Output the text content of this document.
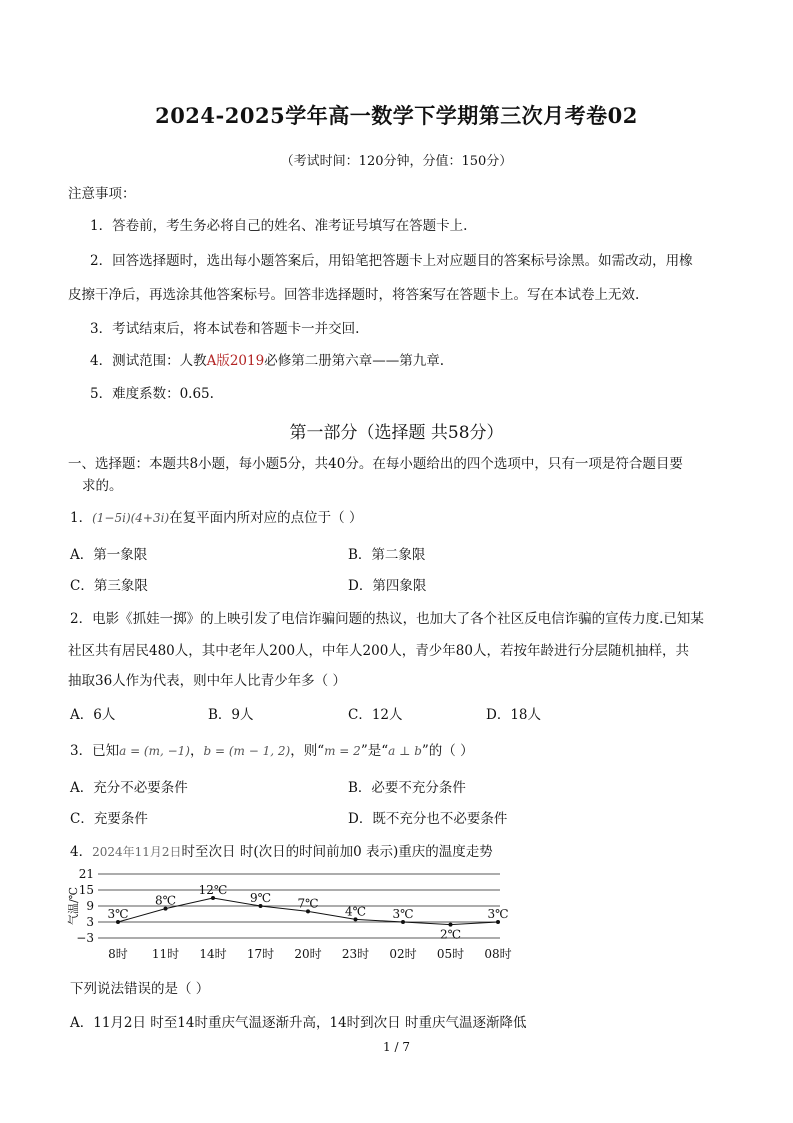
2024-2025学年高一数学下学期第三次月考卷02
（考试时间：120分钟，分值：150分）
注意事项：
1．答卷前，考生务必将自己的姓名、准考证号填写在答题卡上.
2．回答选择题时，选出每小题答案后，用铅笔把答题卡上对应题目的答案标号涂黑。如需改动，用橡
皮擦干净后，再选涂其他答案标号。回答非选择题时，将答案写在答题卡上。写在本试卷上无效.
3．考试结束后，将本试卷和答题卡一并交回.
4．测试范围：人教A版2019必修第二册第六章——第九章.
5．难度系数：0.65.
第一部分（选择题 共58分）
一、选择题：本题共8小题，每小题5分，共40分。在每小题给出的四个选项中，只有一项是符合题目要
求的。
1．(1−5i)(4+3i)在复平面内所对应的点位于（ ）
A．第一象限	B．第二象限
C．第三象限	D．第四象限
2．电影《抓娃一掷》的上映引发了电信诈骗问题的热议，也加大了各个社区反电信诈骗的宣传力度.已知某
社区共有居民480人，其中老年人200人，中年人200人，青少年80人，若按年龄进行分层随机抽样，共
抽取36人作为代表，则中年人比青少年多（ ）
A．6人	B．9人	C．12人	D．18人
3．已知a = (m, −1)，b = (m − 1, 2)，则“m = 2”是“a ⊥ b”的（ ）
A．充分不必要条件	B．必要不充分条件
C．充要条件	D．既不充分也不必要条件
4．2024年11月2日时至次日 时(次日的时间前加0 表示)重庆的温度走势
21
15
9
3
−3
气温/℃ 3℃
8时
8℃
11时
12℃
14时
9℃
17时
7℃
20时
4℃
23时
3℃
02时
2℃
05时
3℃
08时
下列说法错误的是（ ）
A．11月2日 时至14时重庆气温逐渐升高，14时到次日 时重庆气温逐渐降低
1 / 7
